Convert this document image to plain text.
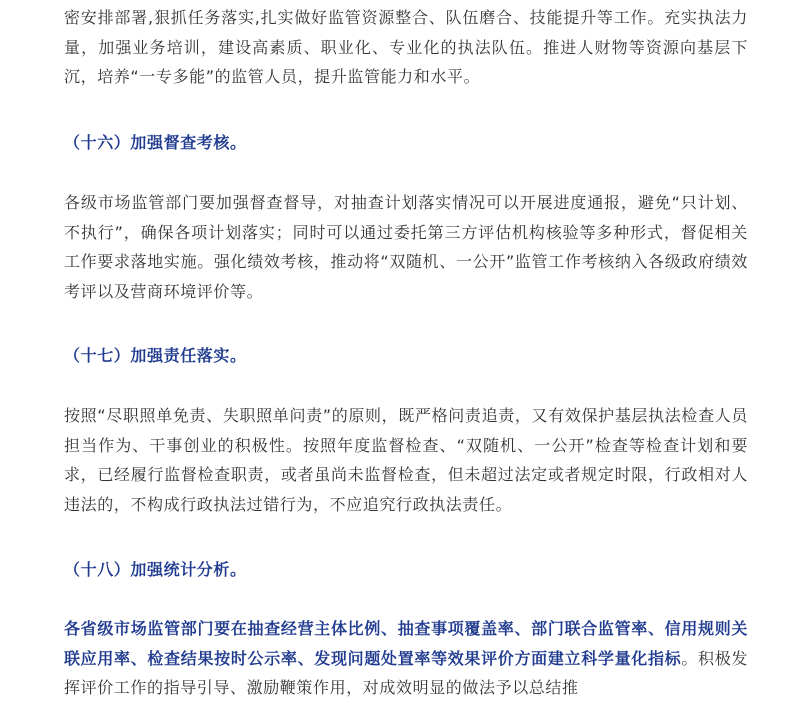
密安排部署,狠抓任务落实,扎实做好监管资源整合、队伍磨合、技能提升等工作。充实执法力量，加强业务培训，建设高素质、职业化、专业化的执法队伍。推进人财物等资源向基层下沉，培养“一专多能”的监管人员，提升监管能力和水平。

（十六）加强督查考核。

各级市场监管部门要加强督查督导，对抽查计划落实情况可以开展进度通报，避免“只计划、不执行”，确保各项计划落实；同时可以通过委托第三方评估机构核验等多种形式，督促相关工作要求落地实施。强化绩效考核，推动将“双随机、一公开”监管工作考核纳入各级政府绩效考评以及营商环境评价等。

（十七）加强责任落实。

按照“尽职照单免责、失职照单问责”的原则，既严格问责追责，又有效保护基层执法检查人员担当作为、干事创业的积极性。按照年度监督检查、“双随机、一公开”检查等检查计划和要求，已经履行监督检查职责，或者虽尚未监督检查，但未超过法定或者规定时限，行政相对人违法的，不构成行政执法过错行为，不应追究行政执法责任。

（十八）加强统计分析。

各省级市场监管部门要在抽查经营主体比例、抽查事项覆盖率、部门联合监管率、信用规则关联应用率、检查结果按时公示率、发现问题处置率等效果评价方面建立科学量化指标。积极发挥评价工作的指导引导、激励鞭策作用，对成效明显的做法予以总结推
